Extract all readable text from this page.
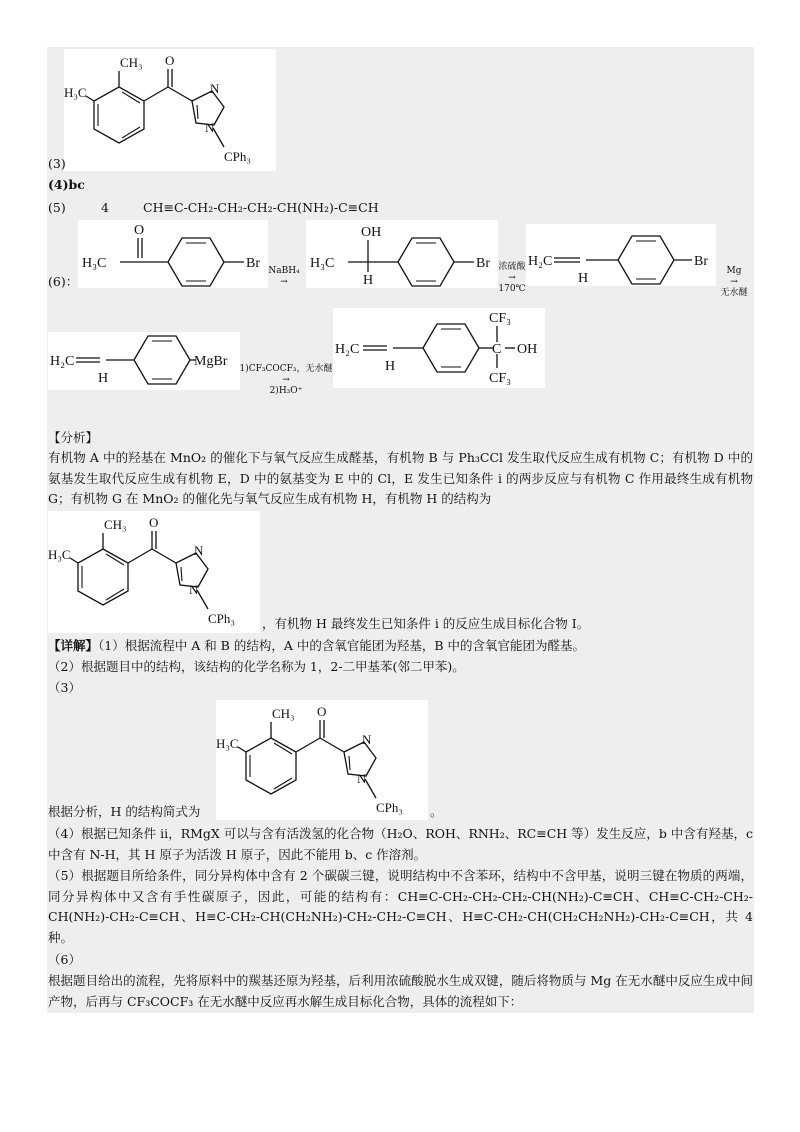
CH₃
H₃C
O
N
N
CPh₃
(3)
(4)bc
(5)	4	CH≡C-CH₂-CH₂-CH₂-CH(NH₂)-C≡CH
(6)：
H₃C
O
Br NaBH₄
→
H₃C
OH
H
Br 浓硫酸
→
170℃
H₂C
H
Br
Mg
→
无水醚
H₂C
H
MgBr	1)CF₃COCF₃，无水醚
→
2)H₃O⁺
H₂C
H
C
CF₃
CF₃
OH
【分析】
有机物 A 中的羟基在 MnO₂ 的催化下与氧气反应生成醛基，有机物 B 与 Ph₃CCl 发生取代反应生成有机物 C；有机物 D 中的氨基发生取代反应生成有机物 E，D 中的氨基变为 E 中的 Cl，E 发生已知条件 i 的两步反应与有机物 C 作用最终生成有机物 G；有机物 G 在 MnO₂ 的催化先与氧气反应生成有机物 H，有机物 H 的结构为
CH₃
H₃C
O
N
N
CPh₃ ，有机物 H 最终发生已知条件 i 的反应生成目标化合物 I。
【详解】（1）根据流程中 A 和 B 的结构，A 中的含氧官能团为羟基，B 中的含氧官能团为醛基。
（2）根据题目中的结构，该结构的化学名称为 1，2-二甲基苯(邻二甲苯)。
（3）
CH₃
H₃C
O
N
N
CPh₃
根据分析，H 的结构简式为	。
（4）根据已知条件 ii，RMgX 可以与含有活泼氢的化合物（H₂O、ROH、RNH₂、RC≡CH 等）发生反应，b 中含有羟基，c 中含有 N-H，其 H 原子为活泼 H 原子，因此不能用 b、c 作溶剂。
（5）根据题目所给条件，同分异构体中含有 2 个碳碳三键，说明结构中不含苯环，结构中不含甲基，说明三键在物质的两端，同分异构体中又含有手性碳原子，因此，可能的结构有：CH≡C-CH₂-CH₂-CH₂-CH(NH₂)-C≡CH、CH≡C-CH₂-CH₂-CH(NH₂)-CH₂-C≡CH、H≡C-CH₂-CH(CH₂NH₂)-CH₂-CH₂-C≡CH、H≡C-CH₂-CH(CH₂CH₂NH₂)-CH₂-C≡CH，共 4 种。
（6）
根据题目给出的流程，先将原料中的羰基还原为羟基，后利用浓硫酸脱水生成双键，随后将物质与 Mg 在无水醚中反应生成中间产物，后再与 CF₃COCF₃ 在无水醚中反应再水解生成目标化合物，具体的流程如下：
